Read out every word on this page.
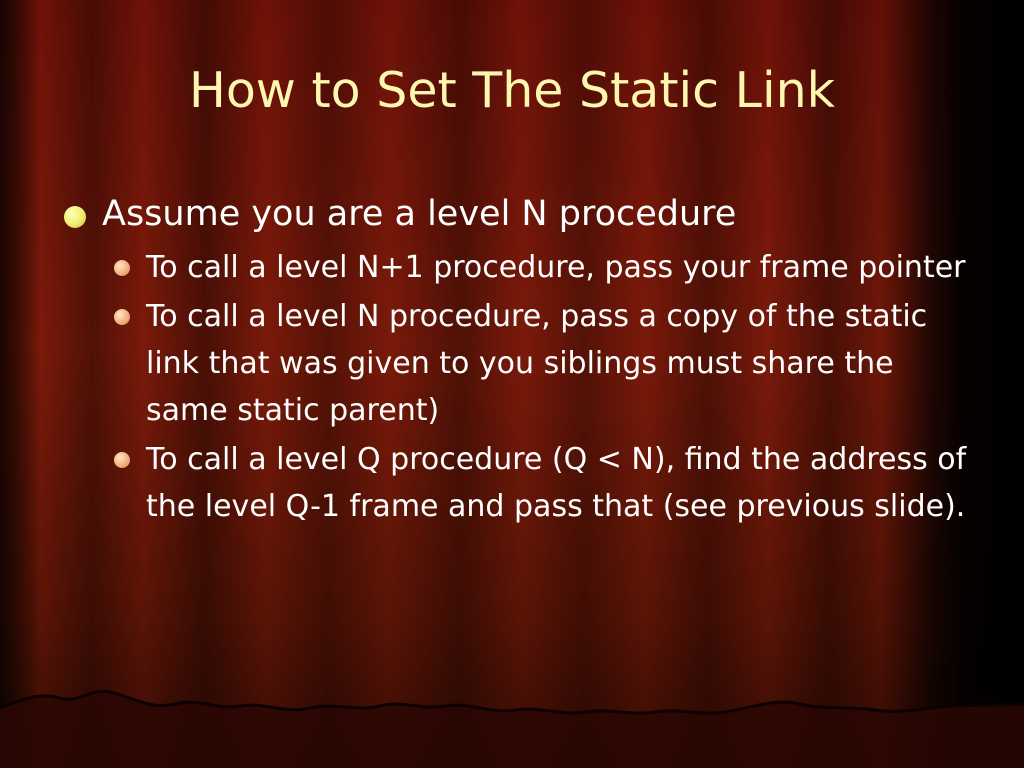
How to Set The Static Link
Assume you are a level N procedure
To call a level N+1 procedure, pass your frame pointer
To call a level N procedure, pass a copy of the static link that was given to you siblings must share the same static parent)
To call a level Q procedure (Q < N), find the address of the level Q-1 frame and pass that (see previous slide).
